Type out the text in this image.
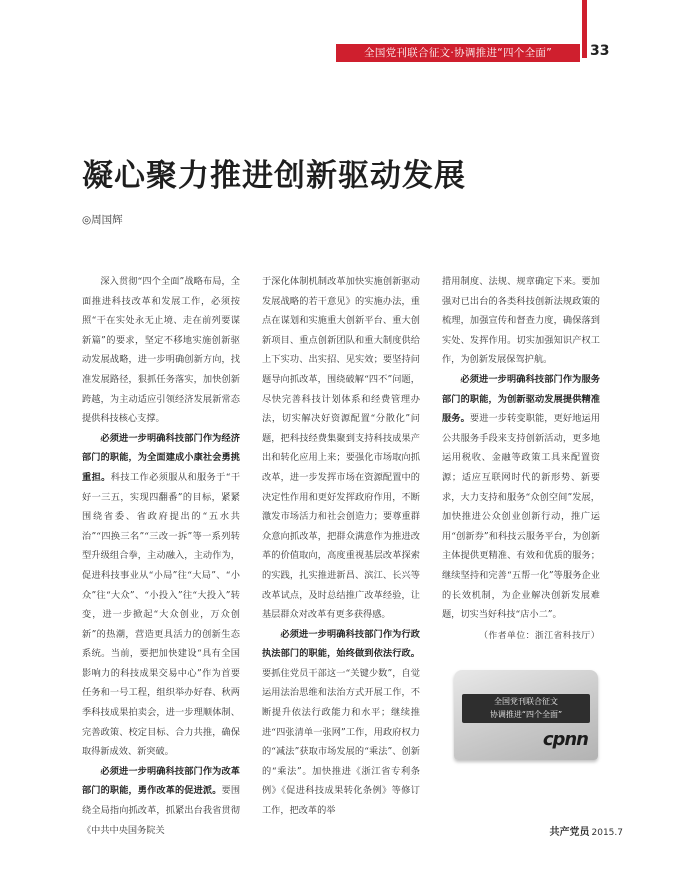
全国党刊联合征文·协调推进“四个全面”	33
凝心聚力推进创新驱动发展
◎周国辉

深入贯彻“四个全面”战略布局，全面推进科技改革和发展工作，必须按照“干在实处永无止境、走在前列要谋新篇”的要求，坚定不移地实施创新驱动发展战略，进一步明确创新方向，找准发展路径，狠抓任务落实，加快创新跨越，为主动适应引领经济发展新常态提供科技核心支撑。

必须进一步明确科技部门作为经济部门的职能，为全面建成小康社会勇挑重担。科技工作必须服从和服务于“干好一三五，实现四翻番”的目标，紧紧围绕省委、省政府提出的“五水共治”“四换三名”“三改一拆”等一系列转型升级组合拳，主动融入，主动作为，促进科技事业从“小局”往“大局”、“小众”往“大众”、“小投入”往“大投入”转变，进一步掀起“大众创业，万众创新”的热潮，营造更具活力的创新生态系统。当前，要把加快建设“具有全国影响力的科技成果交易中心”作为首要任务和一号工程，组织举办好春、秋两季科技成果拍卖会，进一步理顺体制、完善政策、校定目标、合力共推，确保取得新成效、新突破。

必须进一步明确科技部门作为改革部门的职能，勇作改革的促进派。要围绕全局指向抓改革，抓紧出台我省贯彻《中共中央国务院关

于深化体制机制改革加快实施创新驱动发展战略的若干意见》的实施办法，重点在谋划和实施重大创新平台、重大创新项目、重点创新团队和重大制度供给上下实功、出实招、见实效；要坚持问题导向抓改革，围绕破解“四不”问题，尽快完善科技计划体系和经费管理办法，切实解决好资源配置“分散化”问题，把科技经费集聚到支持科技成果产出和转化应用上来；要强化市场取向抓改革，进一步发挥市场在资源配置中的决定性作用和更好发挥政府作用，不断激发市场活力和社会创造力；要尊重群众意向抓改革，把群众满意作为推进改革的价值取向，高度重视基层改革探索的实践，扎实推进新昌、滨江、长兴等改革试点，及时总结推广改革经验，让基层群众对改革有更多获得感。

必须进一步明确科技部门作为行政执法部门的职能，始终做到依法行政。要抓住党员干部这一“关键少数”，自觉运用法治思维和法治方式开展工作，不断提升依法行政能力和水平；继续推进“四张清单一张网”工作，用政府权力的“减法”获取市场发展的“乘法”、创新的“乘法”。加快推进《浙江省专利条例》《促进科技成果转化条例》等修订工作，把改革的举

措用制度、法规、规章确定下来。要加强对已出台的各类科技创新法规政策的梳理，加强宣传和督查力度，确保落到实处、发挥作用。切实加强知识产权工作，为创新发展保驾护航。

必须进一步明确科技部门作为服务部门的职能，为创新驱动发展提供精准服务。要进一步转变职能，更好地运用公共服务手段来支持创新活动，更多地运用税收、金融等政策工具来配置资源；适应互联网时代的新形势、新要求，大力支持和服务“众创空间”发展，加快推进公众创业创新行动，推广运用“创新券”和科技云服务平台，为创新主体提供更精准、有效和优质的服务；继续坚持和完善“五帮一化”等服务企业的长效机制，为企业解决创新发展难题，切实当好科技“店小二”。

（作者单位：浙江省科技厅）

全国党刊联合征文
协调推进“四个全面”
cpnn
共产党员 2015.7
